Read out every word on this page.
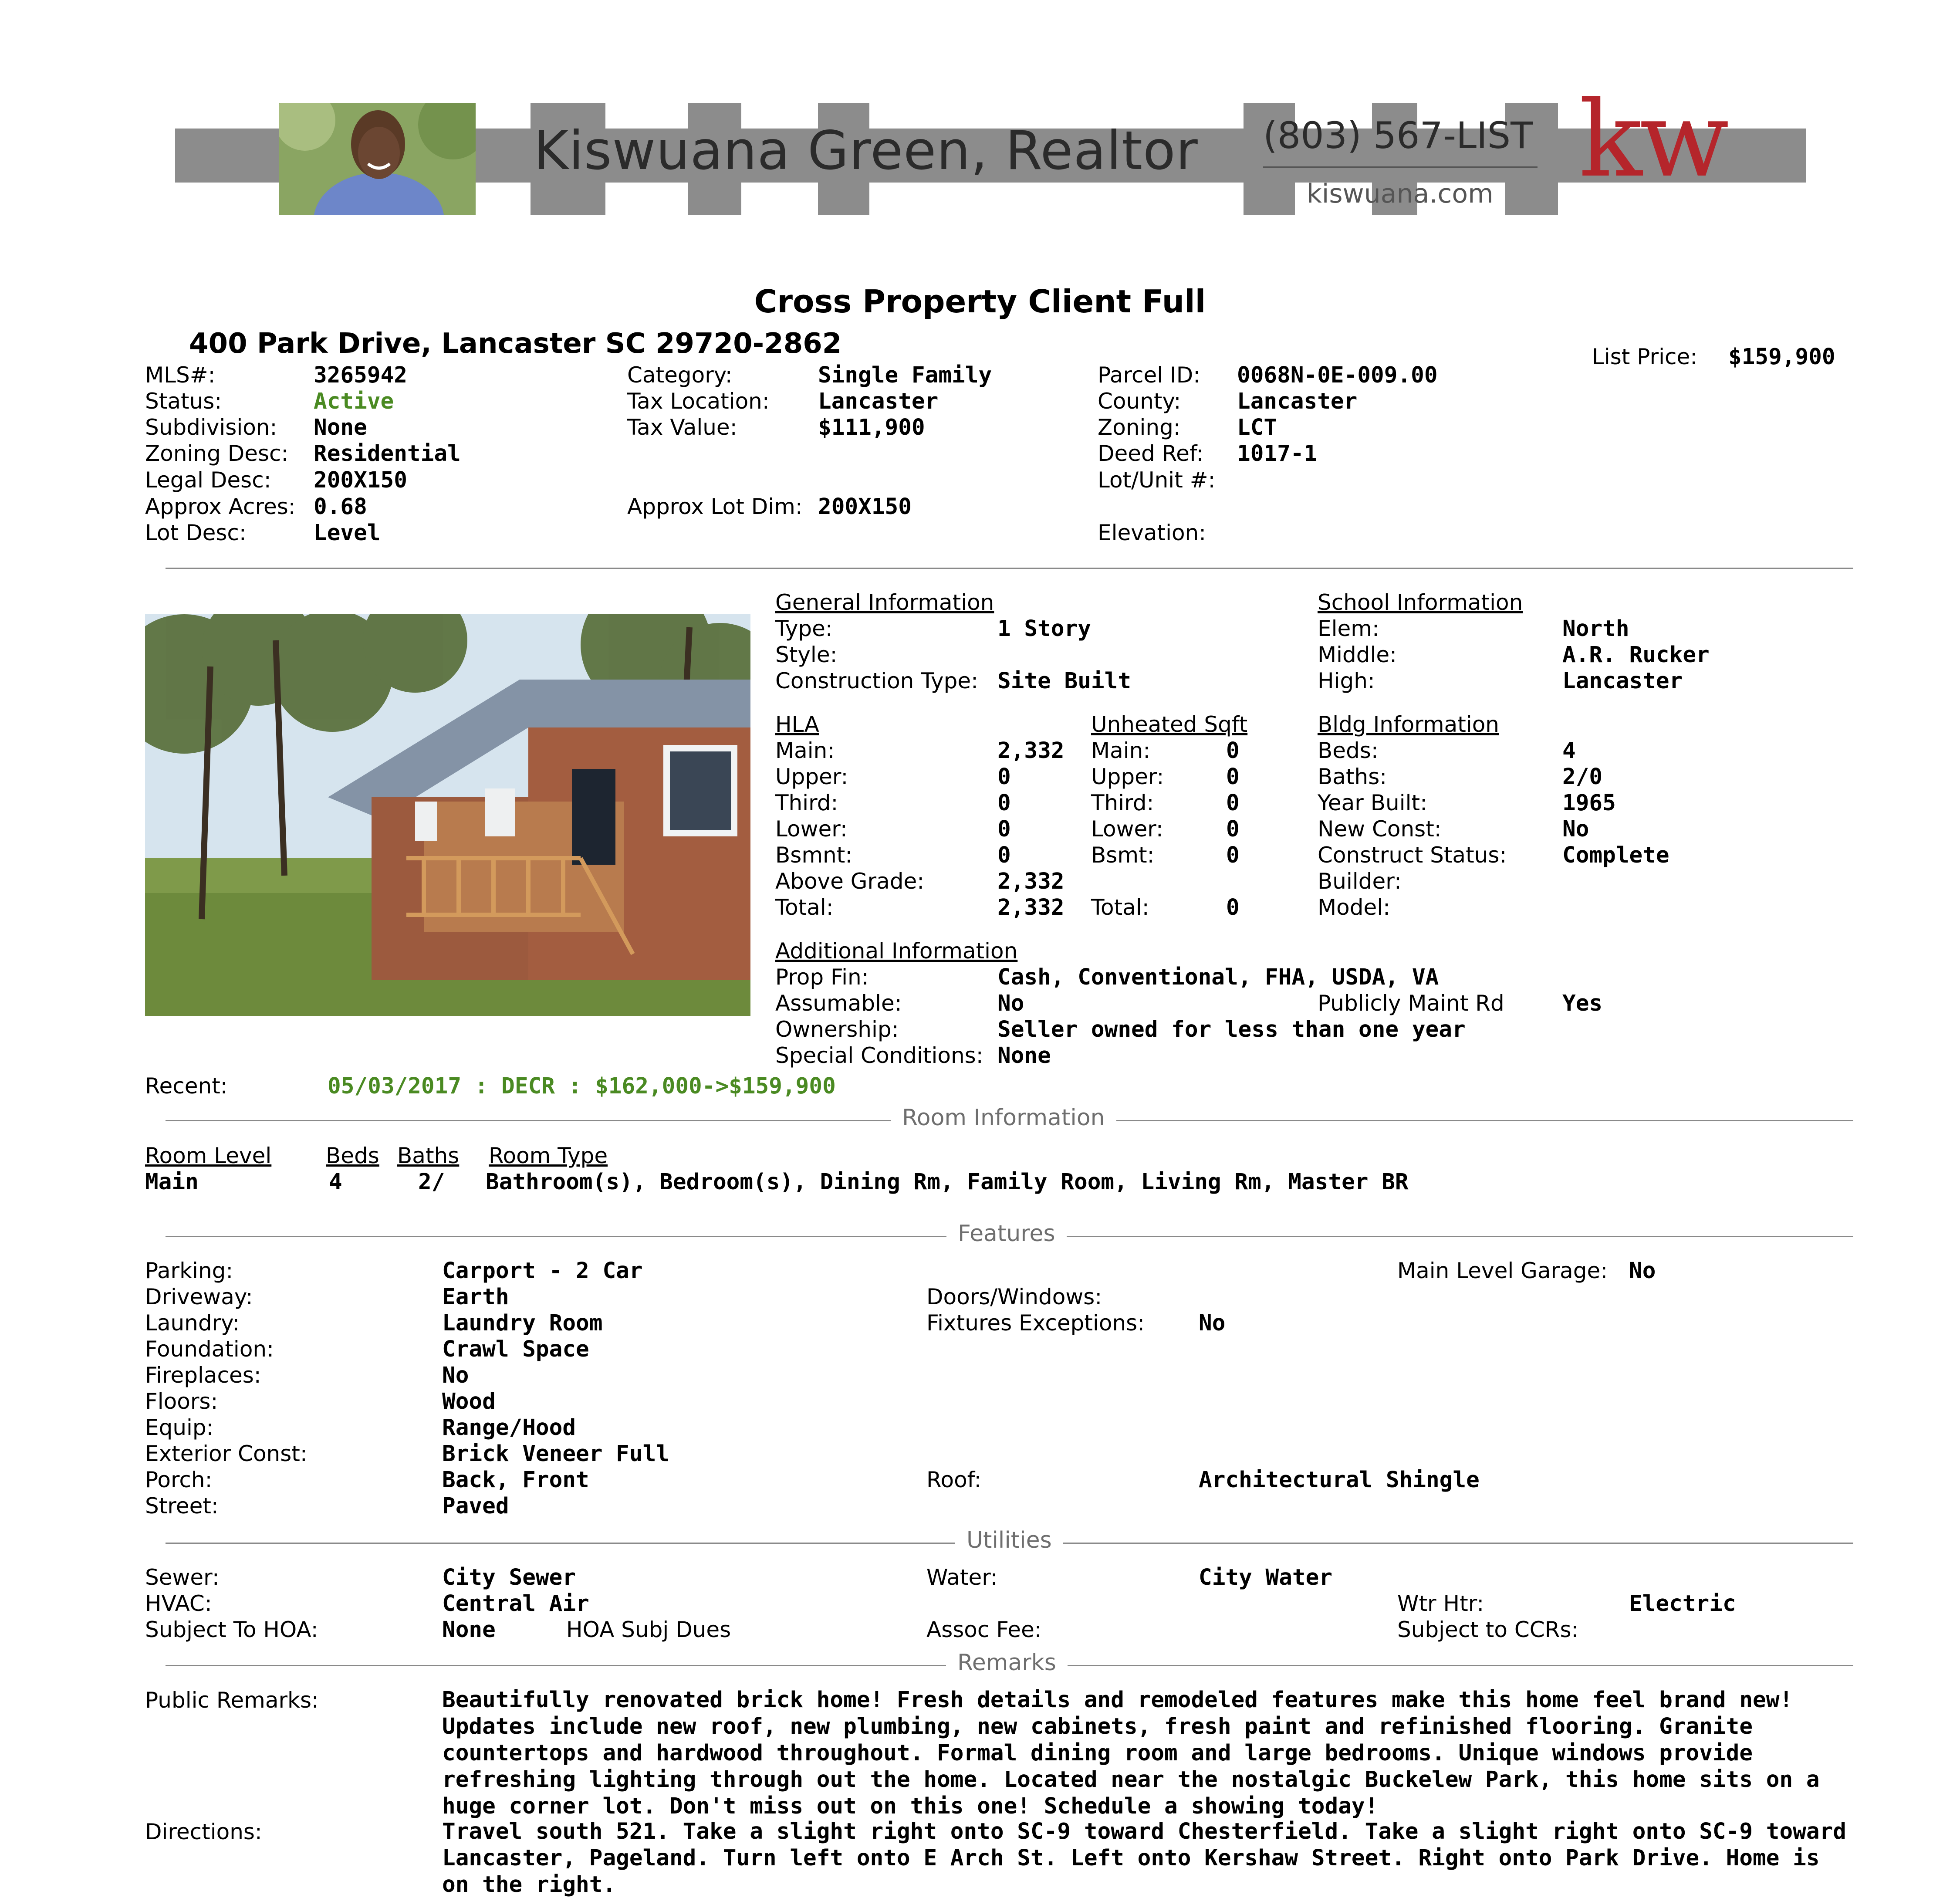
Kiswuana Green, Realtor (803) 567-LIST
kiswuana.com kw
Cross Property Client Full
400 Park Drive, Lancaster SC 29720-2862	List Price: $159,900
MLS#:	3265942
Status:	Active
Subdivision: None
Zoning Desc: Residential
Legal Desc: 200X150
Approx Acres: 0.68
Lot Desc:	Level
Category:	Single Family
Tax Location: Lancaster
Tax Value:	$111,900
Approx Lot Dim: 200X150
Parcel ID: 0068N-0E-009.00
County:	Lancaster
Zoning:	LCT
Deed Ref: 1017-1
Lot/Unit #:
Elevation:
General Information
Type:	1 Story
Style:
Construction Type: Site Built
School Information
Elem:	North
Middle:	A.R. Rucker
High:	Lancaster
HLA
Main:	2,332
Upper:	0
Third:	0
Lower:	0
Bsmnt:	0
Above Grade:	2,332
Total:	2,332
Unheated Sqft
Main:	0
Upper:	0
Third:	0
Lower:	0
Bsmt:	0
Total:	0
Bldg Information
Beds:	4
Baths:	2/0
Year Built:	1965
New Const:	No
Construct Status:	Complete
Builder:
Model:
Additional Information
Prop Fin:	Cash, Conventional, FHA, USDA, VA
Assumable:	No	Publicly Maint Rd	Yes
Ownership:	Seller owned for less than one year
Special Conditions: None
Recent:	05/03/2017 : DECR : $162,000->$159,900
Room Information
Room Level Beds Baths Room Type
Main	4	2/ Bathroom(s), Bedroom(s), Dining Rm, Family Room, Living Rm, Master BR
Features
Parking:	Carport - 2 Car
Driveway:	Earth
Laundry:	Laundry Room
Foundation:	Crawl Space
Fireplaces:	No
Floors:	Wood
Equip:	Range/Hood
Exterior Const:	Brick Veneer Full
Porch:	Back, Front
Street:	Paved
Main Level Garage: No
Doors/Windows:
Fixtures Exceptions: No
Roof:	Architectural Shingle
Utilities
Sewer:	City Sewer	Water:	City Water
HVAC:	Central Air	Wtr Htr:	Electric
Subject To HOA:	None	HOA Subj Dues	Assoc Fee:	Subject to CCRs:
Remarks
Public Remarks:	Beautifully renovated brick home! Fresh details and remodeled features make this home feel brand new! Updates include new roof, new plumbing, new cabinets, fresh paint and refinished flooring. Granite countertops and hardwood throughout. Formal dining room and large bedrooms. Unique windows provide refreshing lighting through out the home. Located near the nostalgic Buckelew Park, this home sits on a huge corner lot. Don't miss out on this one! Schedule a showing today!
Directions:	Travel south 521. Take a slight right onto SC-9 toward Chesterfield. Take a slight right onto SC-9 toward Lancaster, Pageland. Turn left onto E Arch St. Left onto Kershaw Street. Right onto Park Drive. Home is on the right.
